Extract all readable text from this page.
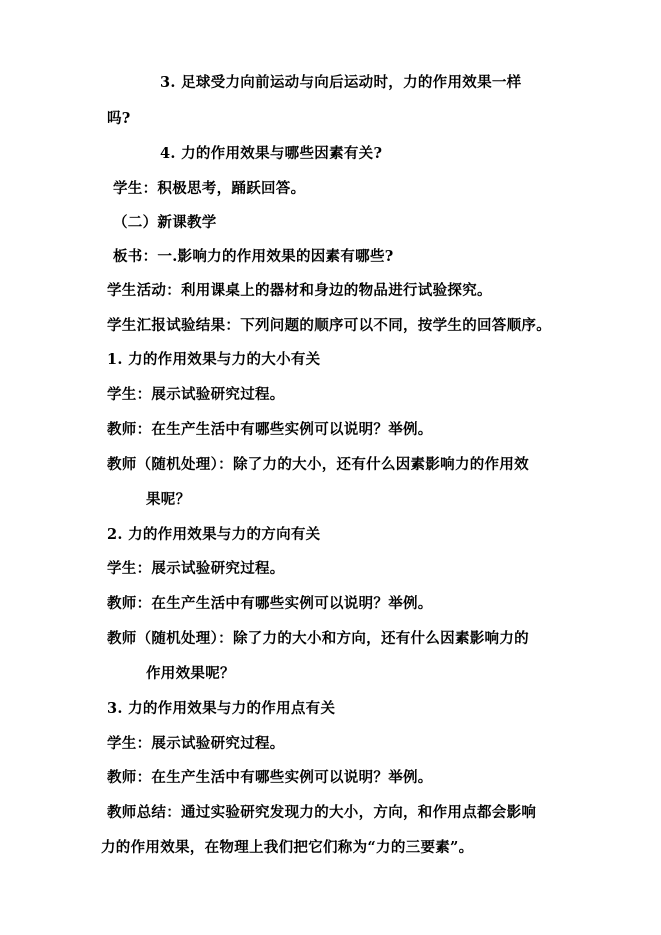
3. 足球受力向前运动与向后运动时，力的作用效果一样
吗?
4. 力的作用效果与哪些因素有关?
学生：积极思考，踊跃回答。
（二）新课教学
板书：一.影响力的作用效果的因素有哪些?
学生活动：利用课桌上的器材和身边的物品进行试验探究。
学生汇报试验结果：下列问题的顺序可以不同，按学生的回答顺序。
1. 力的作用效果与力的大小有关
学生：展示试验研究过程。
教师：在生产生活中有哪些实例可以说明？举例。
教师（随机处理）：除了力的大小，还有什么因素影响力的作用效
果呢？
2. 力的作用效果与力的方向有关
学生：展示试验研究过程。
教师：在生产生活中有哪些实例可以说明？举例。
教师（随机处理）：除了力的大小和方向，还有什么因素影响力的
作用效果呢？
3. 力的作用效果与力的作用点有关
学生：展示试验研究过程。
教师：在生产生活中有哪些实例可以说明？举例。
教师总结：通过实验研究发现力的大小，方向，和作用点都会影响
力的作用效果，在物理上我们把它们称为“力的三要素”。
